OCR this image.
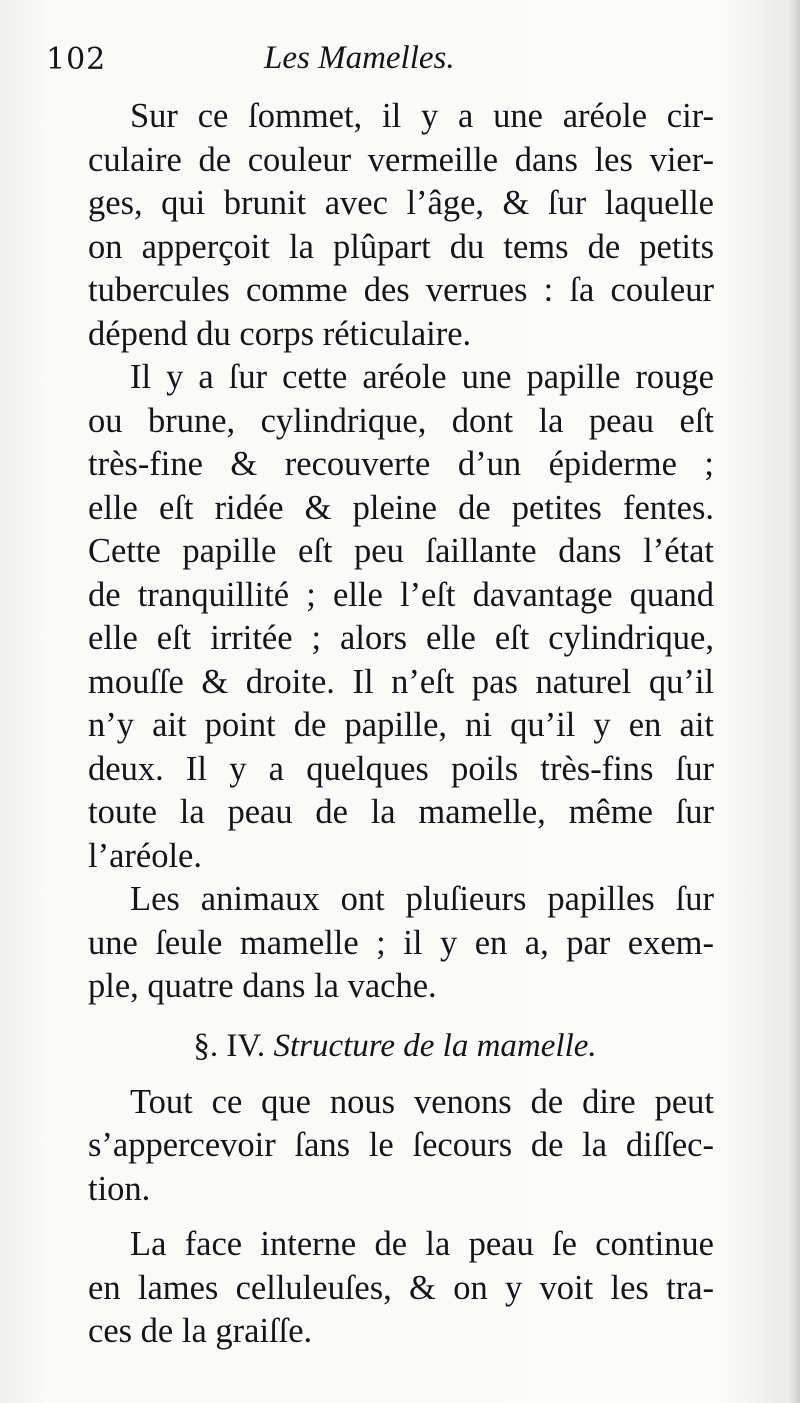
102	Les Mamelles.
Sur ce ſommet, il y a une aréole cir-
culaire de couleur vermeille dans les vier-
ges, qui brunit avec l’âge, & ſur laquelle
on apperçoit la plûpart du tems de petits
tubercules comme des verrues : ſa couleur
dépend du corps réticulaire.
Il y a ſur cette aréole une papille rouge
ou brune, cylindrique, dont la peau eſt
très-fine & recouverte d’un épiderme ;
elle eſt ridée & pleine de petites fentes.
Cette papille eſt peu ſaillante dans l’état
de tranquillité ; elle l’eſt davantage quand
elle eſt irritée ; alors elle eſt cylindrique,
mouſſe & droite. Il n’eſt pas naturel qu’il
n’y ait point de papille, ni qu’il y en ait
deux. Il y a quelques poils très-fins ſur
toute la peau de la mamelle, même ſur
l’aréole.
Les animaux ont pluſieurs papilles ſur
une ſeule mamelle ; il y en a, par exem-
ple, quatre dans la vache.
§. IV. Structure de la mamelle.
Tout ce que nous venons de dire peut
s’appercevoir ſans le ſecours de la diſſec-
tion.
La face interne de la peau ſe continue
en lames celluleuſes, & on y voit les tra-
ces de la graiſſe.
